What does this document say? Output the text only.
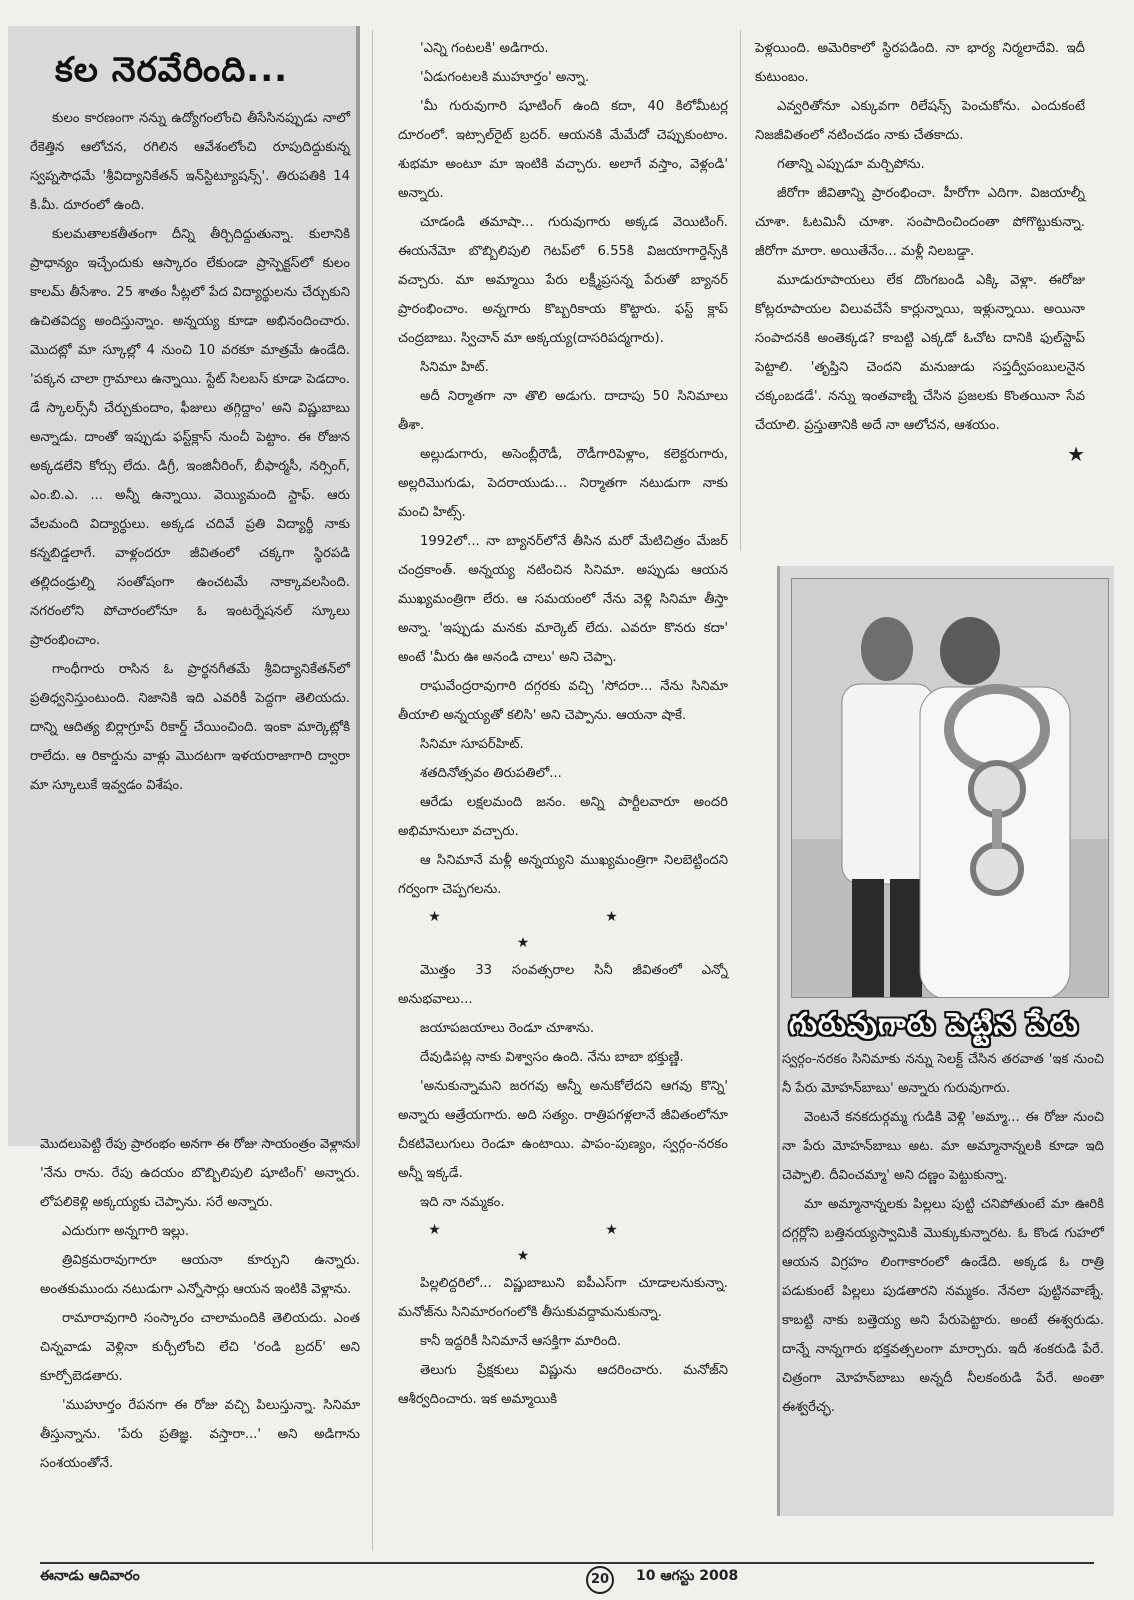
కల నెరవేరింది...

కులం కారణంగా నన్ను ఉద్యోగంలోంచి తీసేసినప్పుడు నాలో రేకెత్తిన ఆలోచన, రగిలిన ఆవేశంలోంచి రూపుదిద్దుకున్న స్వప్నసౌధమే 'శ్రీవిద్యానికేతన్ ఇన్‌స్టిట్యూషన్స్'. తిరుపతికి 14 కి.మీ. దూరంలో ఉంది.

కులమతాలకతీతంగా దీన్ని తీర్చిదిద్దుతున్నా. కులానికి ప్రాధాన్యం ఇచ్చేందుకు ఆస్కారం లేకుండా ప్రాస్పెక్టస్‌లో కులం కాలమ్ తీసేశాం. 25 శాతం సీట్లలో పేద విద్యార్థులను చేర్చుకుని ఉచితవిద్య అందిస్తున్నాం. అన్నయ్య కూడా అభినందించారు. మొదట్లో మా స్కూల్లో 4 నుంచి 10 వరకూ మాత్రమే ఉండేది. 'పక్కన చాలా గ్రామాలు ఉన్నాయి. స్టేట్ సిలబస్ కూడా పెడదాం. డే స్కాలర్స్‌నీ చేర్చుకుందాం, ఫీజులు తగ్గిద్దాం' అని విష్ణుబాబు అన్నాడు. దాంతో ఇప్పుడు ఫస్ట్‌క్లాస్ నుంచీ పెట్టాం. ఈ రోజున అక్కడలేని కోర్సు లేదు. డిగ్రీ, ఇంజినీరింగ్, బీఫార్మసీ, నర్సింగ్, ఎం.బి.ఎ. ... అన్నీ ఉన్నాయి. వెయ్యిమంది స్టాఫ్. ఆరు వేలమంది విద్యార్థులు. అక్కడ చదివే ప్రతి విద్యార్థీ నాకు కన్నబిడ్డలాగే. వాళ్లందరూ జీవితంలో చక్కగా స్థిరపడి తల్లిదండ్రుల్ని సంతోషంగా ఉంచటమే నాక్కావలసింది. నగరంలోని పోచారంలోనూ ఓ ఇంటర్నేషనల్ స్కూలు ప్రారంభించాం.

గాంధీగారు రాసిన ఓ ప్రార్థనగీతమే శ్రీవిద్యానికేతన్‌లో ప్రతిధ్వనిస్తుంటుంది. నిజానికి ఇది ఎవరికీ పెద్దగా తెలియదు. దాన్ని ఆదిత్య బిర్లాగ్రూప్ రికార్డ్ చేయించింది. ఇంకా మార్కెట్లోకి రాలేదు. ఆ రికార్డును వాళ్లు మొదటగా ఇళయరాజాగారి ద్వారా మా స్కూలుకే ఇవ్వడం విశేషం.

మొదలుపెట్టి రేపు ప్రారంభం అనగా ఈ రోజు సాయంత్రం వెళ్లాను. 'నేను రాను. రేపు ఉదయం బొబ్బిలిపులి షూటింగ్' అన్నారు. లోపలికెళ్లి అక్కయ్యకు చెప్పాను. సరే అన్నారు.

ఎదురుగా అన్నగారి ఇల్లు.

త్రివిక్రమరావుగారూ ఆయనా కూర్చుని ఉన్నారు. అంతకుముందు నటుడుగా ఎన్నోసార్లు ఆయన ఇంటికి వెళ్లాను.

రామారావుగారి సంస్కారం చాలామందికి తెలియదు. ఎంత చిన్నవాడు వెళ్లినా కుర్చీలోంచి లేచి 'రండి బ్రదర్' అని కూర్చోబెడతారు.

'ముహూర్తం రేపనగా ఈ రోజు వచ్చి పిలుస్తున్నా. సినిమా తీస్తున్నాను. 'పేరు ప్రతిజ్ఞ. వస్తారా...' అని అడిగాను సంశయంతోనే.

'ఎన్ని గంటలకి' అడిగారు.

'ఏడుగంటలకి ముహూర్తం' అన్నా.

'మీ గురువుగారి షూటింగ్ ఉంది కదా, 40 కిలోమీటర్ల దూరంలో. ఇట్సాల్‌రైట్ బ్రదర్. ఆయనకి మేమేదో చెప్పుకుంటాం. శుభమా అంటూ మా ఇంటికి వచ్చారు. అలాగే వస్తాం, వెళ్లండి' అన్నారు.

చూడండి తమాషా... గురువుగారు అక్కడ వెయిటింగ్. ఈయనేమో బొబ్బిలిపులి గెటప్‌లో 6.55కి విజయాగార్డెన్స్‌కి వచ్చారు. మా అమ్మాయి పేరు లక్ష్మీప్రసన్న పేరుతో బ్యానర్ ప్రారంభించాం. అన్నగారు కొబ్బరికాయ కొట్టారు. ఫస్ట్ క్లాప్ చంద్రబాబు. స్విచాన్ మా అక్కయ్య(దాసరిపద్మగారు).

సినిమా హిట్.

అదీ నిర్మాతగా నా తొలి అడుగు. దాదాపు 50 సినిమాలు తీశా.

అల్లుడుగారు, అసెంబ్లీరౌడీ, రౌడీగారిపెళ్లాం, కలెక్టరుగారు, అల్లరిమొగుడు, పెదరాయుడు... నిర్మాతగా నటుడుగా నాకు మంచి హిట్స్.

1992లో... నా బ్యానర్‌లోనే తీసిన మరో మేటిచిత్రం మేజర్ చంద్రకాంత్. అన్నయ్య నటించిన సినిమా. అప్పుడు ఆయన ముఖ్యమంత్రిగా లేరు. ఆ సమయంలో నేను వెళ్లి సినిమా తీస్తా అన్నా. 'ఇప్పుడు మనకు మార్కెట్ లేదు. ఎవరూ కొనరు కదా' అంటే 'మీరు ఊ అనండి చాలు' అని చెప్పా.

రాఘవేంద్రరావుగారి దగ్గరకు వచ్చి 'సోదరా... నేను సినిమా తీయాలి అన్నయ్యతో కలిసి' అని చెప్పాను. ఆయనా షాకే.

సినిమా సూపర్‌హిట్.

శతదినోత్సవం తిరుపతిలో...

ఆరేడు లక్షలమంది జనం. అన్ని పార్టీలవారూ అందరి అభిమానులూ వచ్చారు.

ఆ సినిమానే మళ్లీ అన్నయ్యని ముఖ్యమంత్రిగా నిలబెట్టిందని గర్వంగా చెప్పగలను.

★ ★ ★

మొత్తం 33 సంవత్సరాల సినీ జీవితంలో ఎన్నో అనుభవాలు...

జయాపజయాలు రెండూ చూశాను.

దేవుడిపట్ల నాకు విశ్వాసం ఉంది. నేను బాబా భక్తుణ్ణి.

'అనుకున్నామని జరగవు అన్నీ అనుకోలేదని ఆగవు కొన్ని' అన్నారు ఆత్రేయగారు. అది సత్యం. రాత్రిపగళ్లలానే జీవితంలోనూ చీకటివెలుగులు రెండూ ఉంటాయి. పాపం-పుణ్యం, స్వర్గం-నరకం అన్నీ ఇక్కడే.

ఇది నా నమ్మకం.

★ ★ ★

పిల్లలిద్దరిలో... విష్ణుబాబుని ఐపీఎస్‌గా చూడాలనుకున్నా. మనోజ్‌ను సినిమారంగంలోకి తీసుకువద్దామనుకున్నా.

కానీ ఇద్దరికీ సినిమానే ఆసక్తిగా మారింది.

తెలుగు ప్రేక్షకులు విష్ణును ఆదరించారు. మనోజ్‌ని ఆశీర్వదించారు. ఇక అమ్మాయికి

పెళ్లయింది. అమెరికాలో స్థిరపడింది. నా భార్య నిర్మలాదేవి. ఇదీ కుటుంబం.

ఎవ్వరితోనూ ఎక్కువగా రిలేషన్స్ పెంచుకోను. ఎందుకంటే నిజజీవితంలో నటించడం నాకు చేతకాదు.

గతాన్ని ఎప్పుడూ మర్చిపోను.

జీరోగా జీవితాన్ని ప్రారంభించా. హీరోగా ఎదిగా. విజయాల్నీ చూశా. ఓటమినీ చూశా. సంపాదించిందంతా పోగొట్టుకున్నా. జీరోగా మారా. అయితేనేం... మళ్లీ నిలబడ్డా.

మూడురూపాయలు లేక దొంగబండి ఎక్కి వెళ్లా. ఈరోజు కోట్లరూపాయల విలువచేసే కార్లున్నాయి, ఇళ్లున్నాయి. అయినా సంపాదనకి అంతెక్కడ? కాబట్టి ఎక్కడో ఓచోట దానికి ఫుల్‌స్టాప్ పెట్టాలి. 'తృప్తిని చెందని మనుజుడు సప్తద్వీపంబులనైన చక్కంబడడే'. నన్ను ఇంతవాణ్ని చేసిన ప్రజలకు కొంతయినా సేవ చేయాలి. ప్రస్తుతానికి అదే నా ఆలోచన, ఆశయం.

★
గురువుగారు పెట్టిన పేరు

స్వర్గం-నరకం సినిమాకు నన్ను సెలక్ట్ చేసిన తరవాత 'ఇక నుంచి నీ పేరు మోహన్‌బాబు' అన్నారు గురువుగారు.

వెంటనే కనకదుర్గమ్మ గుడికి వెళ్లి 'అమ్మా... ఈ రోజు నుంచి నా పేరు మోహన్‌బాబు అట. మా అమ్మానాన్నలకి కూడా ఇది చెప్పాలి. దీవించమ్మా' అని దణ్ణం పెట్టుకున్నా.

మా అమ్మానాన్నలకు పిల్లలు పుట్టి చనిపోతుంటే మా ఊరికి దగ్గర్లోని బత్తినయ్యస్వామికి మొక్కుకున్నారట. ఓ కొండ గుహలో ఆయన విగ్రహం లింగాకారంలో ఉండేది. అక్కడ ఓ రాత్రి పడుకుంటే పిల్లలు పుడతారని నమ్మకం. నేనలా పుట్టినవాణ్నే. కాబట్టి నాకు బత్తెయ్య అని పేరుపెట్టారు. అంటే ఈశ్వరుడు. దాన్నే నాన్నగారు భక్తవత్సలంగా మార్చారు. ఇదీ శంకరుడి పేరే. చిత్రంగా మోహన్‌బాబు అన్నదీ నీలకంఠుడి పేరే. అంతా ఈశ్వరేచ్ఛ.

ఈనాడు ఆదివారం	20	10 ఆగస్టు 2008
